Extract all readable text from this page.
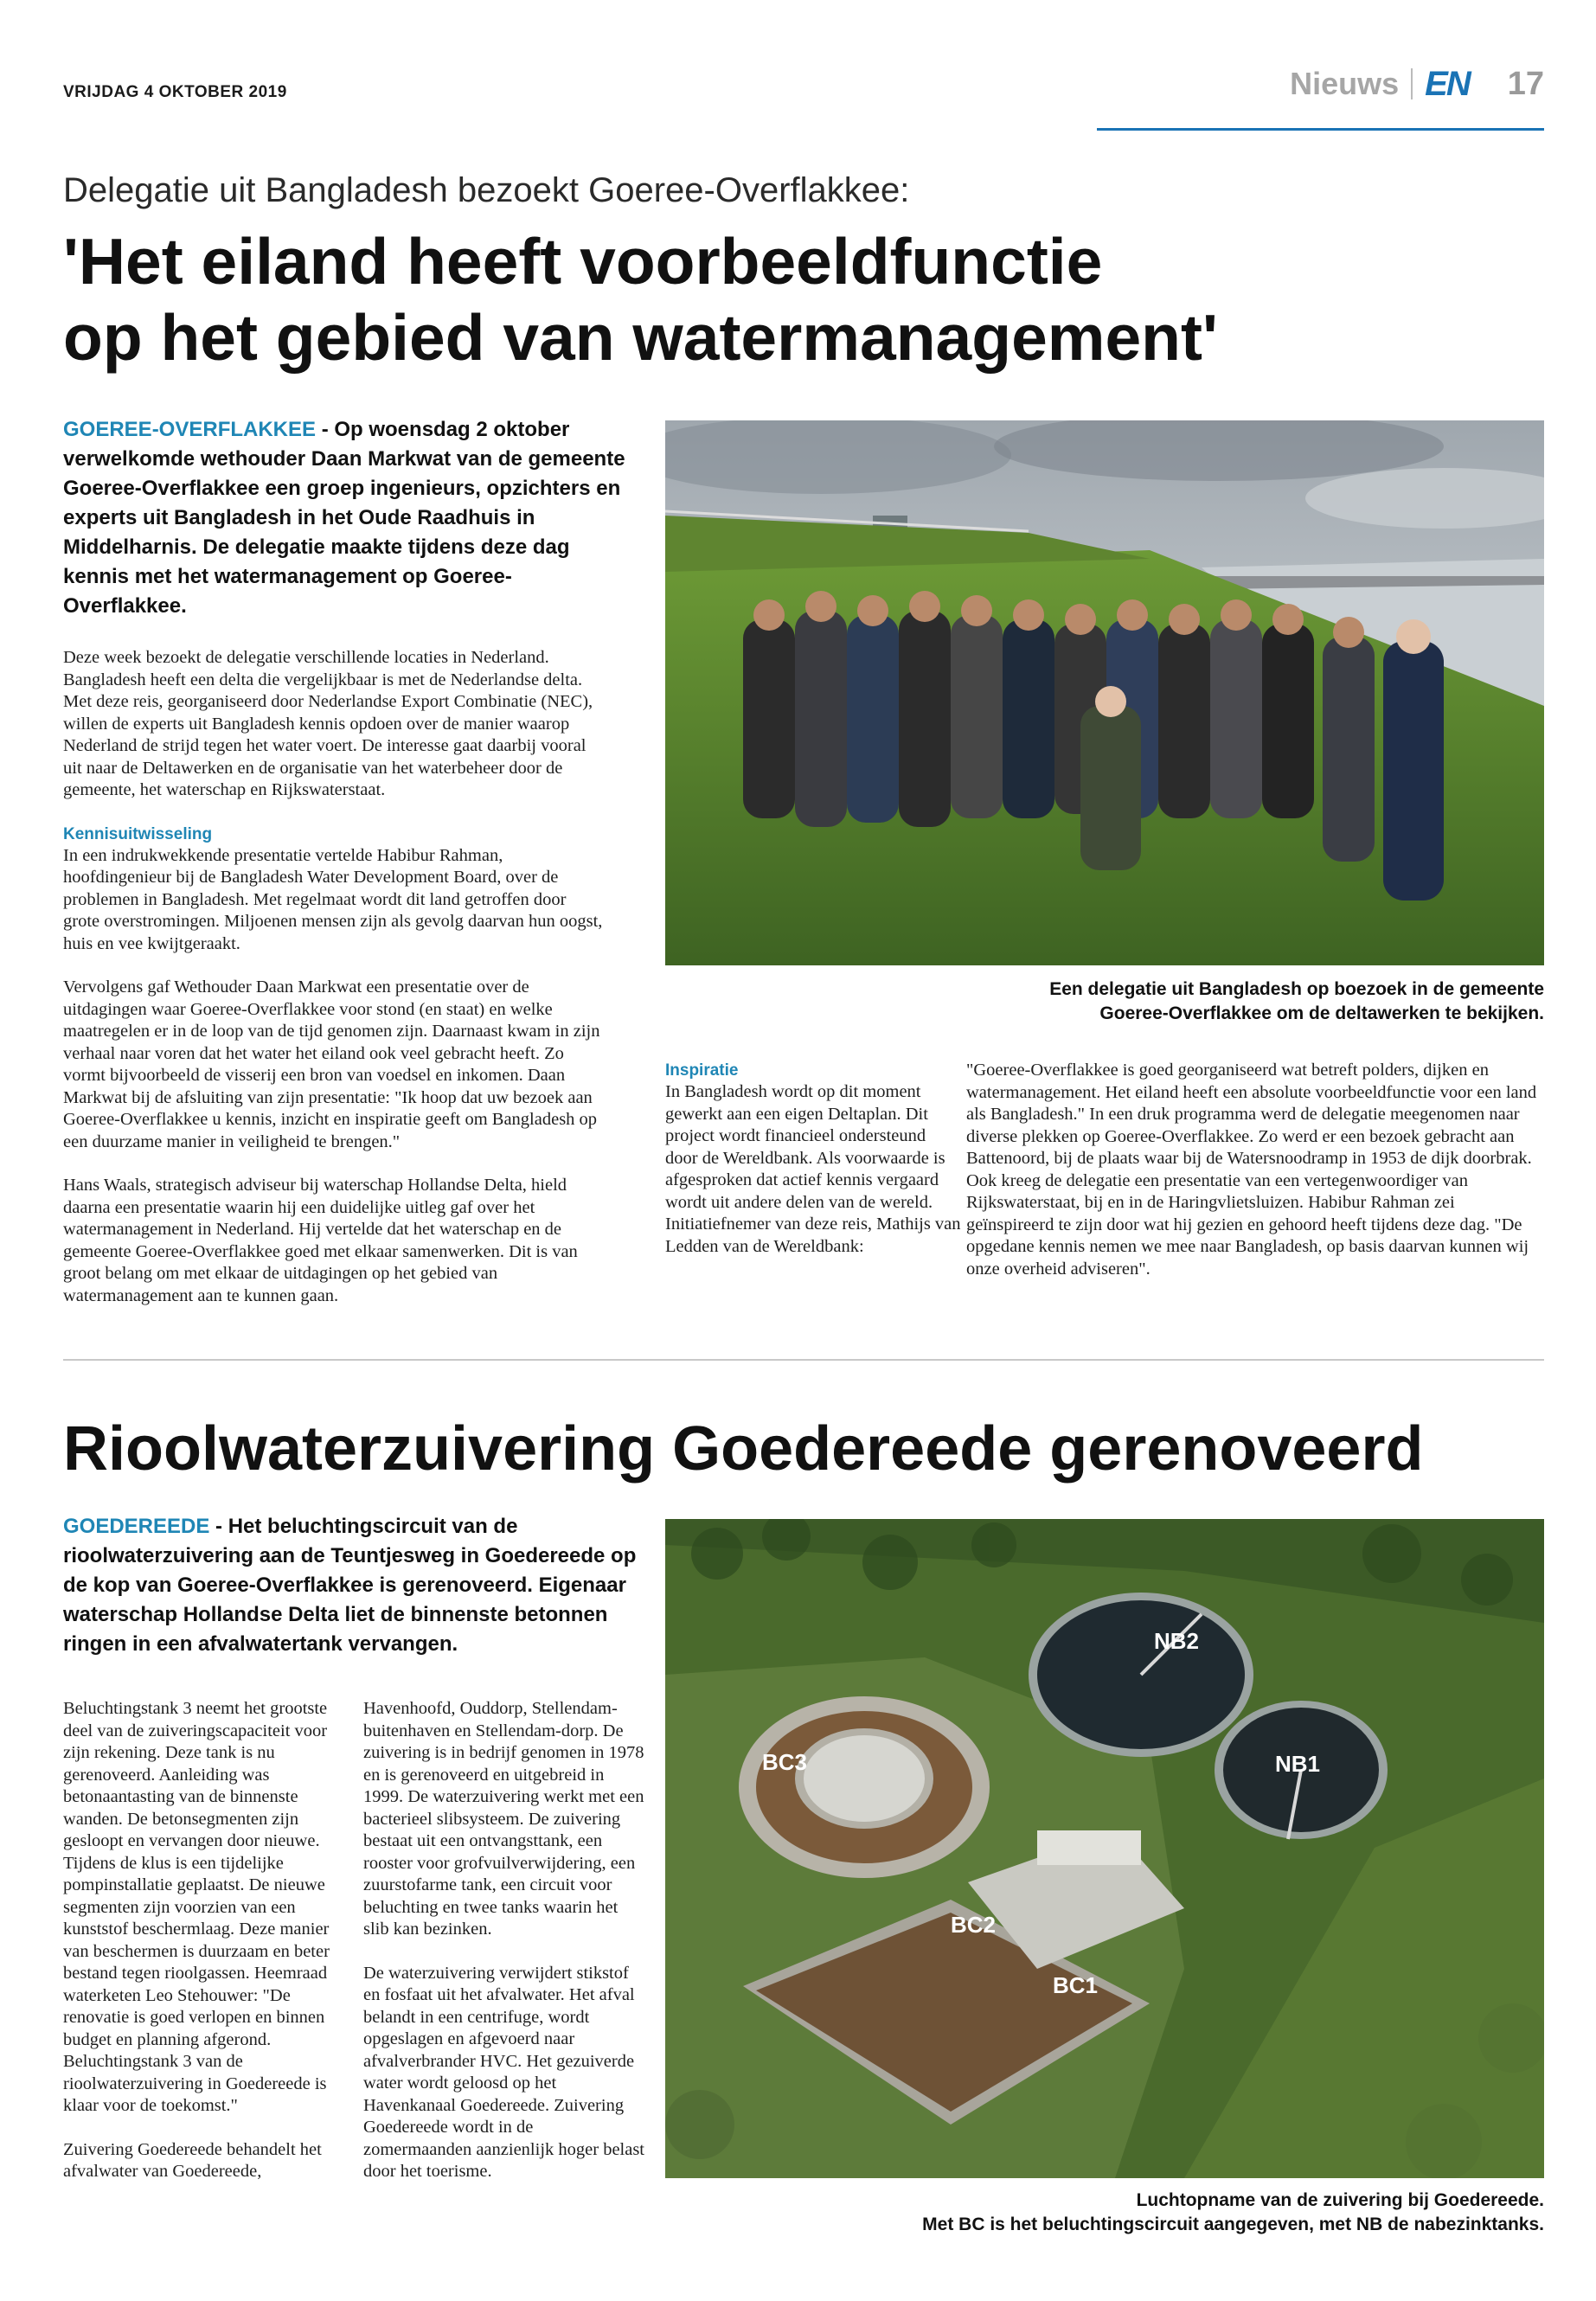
VRIJDAG 4 OKTOBER 2019	Nieuws EN 17
Delegatie uit Bangladesh bezoekt Goeree-Overflakkee:
'Het eiland heeft voorbeeldfunctie
op het gebied van watermanagement'
GOEREE-OVERFLAKKEE - Op woensdag 2 oktober verwelkomde wethouder Daan Markwat van de gemeente Goeree-Overflakkee een groep ingenieurs, opzichters en experts uit Bangladesh in het Oude Raadhuis in Middelharnis. De delegatie maakte tijdens deze dag kennis met het watermanagement op Goeree-Overflakkee.

Deze week bezoekt de delegatie verschillende locaties in Nederland. Bangladesh heeft een delta die vergelijkbaar is met de Nederlandse delta. Met deze reis, georganiseerd door Nederlandse Export Combinatie (NEC), willen de experts uit Bangladesh kennis opdoen over de manier waarop Nederland de strijd tegen het water voert. De interesse gaat daarbij vooral uit naar de Deltawerken en de organisatie van het waterbeheer door de gemeente, het waterschap en Rijkswaterstaat.

Kennisuitwisseling

In een indrukwekkende presentatie vertelde Habibur Rahman, hoofdingenieur bij de Bangladesh Water Development Board, over de problemen in Bangladesh. Met regelmaat wordt dit land getroffen door grote overstromingen. Miljoenen mensen zijn als gevolg daarvan hun oogst, huis en vee kwijtgeraakt.

Vervolgens gaf Wethouder Daan Markwat een presentatie over de uitdagingen waar Goeree-Overflakkee voor stond (en staat) en welke maatregelen er in de loop van de tijd genomen zijn. Daarnaast kwam in zijn verhaal naar voren dat het water het eiland ook veel gebracht heeft. Zo vormt bijvoorbeeld de visserij een bron van voedsel en inkomen. Daan Markwat bij de afsluiting van zijn presentatie: "Ik hoop dat uw bezoek aan Goeree-Overflakkee u kennis, inzicht en inspiratie geeft om Bangladesh op een duurzame manier in veiligheid te brengen."

Hans Waals, strategisch adviseur bij waterschap Hollandse Delta, hield daarna een presentatie waarin hij een duidelijke uitleg gaf over het watermanagement in Nederland. Hij vertelde dat het waterschap en de gemeente Goeree-Overflakkee goed met elkaar samenwerken. Dit is van groot belang om met elkaar de uitdagingen op het gebied van watermanagement aan te kunnen gaan.

Een delegatie uit Bangladesh op boezoek in de gemeente
Goeree-Overflakkee om de deltawerken te bekijken.
Inspiratie

In Bangladesh wordt op dit moment gewerkt aan een eigen Deltaplan. Dit project wordt financieel ondersteund door de Wereldbank. Als voorwaarde is afgesproken dat actief kennis vergaard wordt uit andere delen van de wereld. Initiatiefnemer van deze reis, Mathijs van Ledden van de Wereldbank:

"Goeree-Overflakkee is goed georganiseerd wat betreft polders, dijken en watermanagement. Het eiland heeft een absolute voorbeeldfunctie voor een land als Bangladesh." In een druk programma werd de delegatie meegenomen naar diverse plekken op Goeree-Overflakkee. Zo werd er een bezoek gebracht aan Battenoord, bij de plaats waar bij de Watersnoodramp in 1953 de dijk doorbrak. Ook kreeg de delegatie een presentatie van een vertegenwoordiger van Rijkswaterstaat, bij en in de Haringvlietsluizen. Habibur Rahman zei geïnspireerd te zijn door wat hij gezien en gehoord heeft tijdens deze dag. "De opgedane kennis nemen we mee naar Bangladesh, op basis daarvan kunnen wij onze overheid adviseren".

Rioolwaterzuivering Goedereede gerenoveerd
GOEDEREEDE - Het beluchtingscircuit van de rioolwaterzuivering aan de Teuntjesweg in Goedereede op de kop van Goeree-Overflakkee is gerenoveerd. Eigenaar waterschap Hollandse Delta liet de binnenste betonnen ringen in een afvalwatertank vervangen.

Beluchtingstank 3 neemt het grootste deel van de zuiveringscapaciteit voor zijn rekening. Deze tank is nu gerenoveerd. Aanleiding was betonaantasting van de binnenste wanden. De betonsegmenten zijn gesloopt en vervangen door nieuwe. Tijdens de klus is een tijdelijke pompinstallatie geplaatst. De nieuwe segmenten zijn voorzien van een kunststof beschermlaag. Deze manier van beschermen is duurzaam en beter bestand tegen rioolgassen. Heemraad waterketen Leo Stehouwer: "De renovatie is goed verlopen en binnen budget en planning afgerond. Beluchtingstank 3 van de rioolwaterzuivering in Goedereede is klaar voor de toekomst."

Zuivering Goedereede behandelt het afvalwater van Goedereede,

Havenhoofd, Ouddorp, Stellendam-buitenhaven en Stellendam-dorp. De zuivering is in bedrijf genomen in 1978 en is gerenoveerd en uitgebreid in 1999. De waterzuivering werkt met een bacterieel slibsysteem. De zuivering bestaat uit een ontvangsttank, een rooster voor grofvuilverwijdering, een zuurstofarme tank, een circuit voor beluchting en twee tanks waarin het slib kan bezinken.

De waterzuivering verwijdert stikstof en fosfaat uit het afvalwater. Het afval belandt in een centrifuge, wordt opgeslagen en afgevoerd naar afvalverbrander HVC. Het gezuiverde water wordt geloosd op het Havenkanaal Goedereede. Zuivering Goedereede wordt in de zomermaanden aanzienlijk hoger belast door het toerisme.

NB2
NB1
BC3
BC2
BC1
Luchtopname van de zuivering bij Goedereede.
Met BC is het beluchtingscircuit aangegeven, met NB de nabezinktanks.
